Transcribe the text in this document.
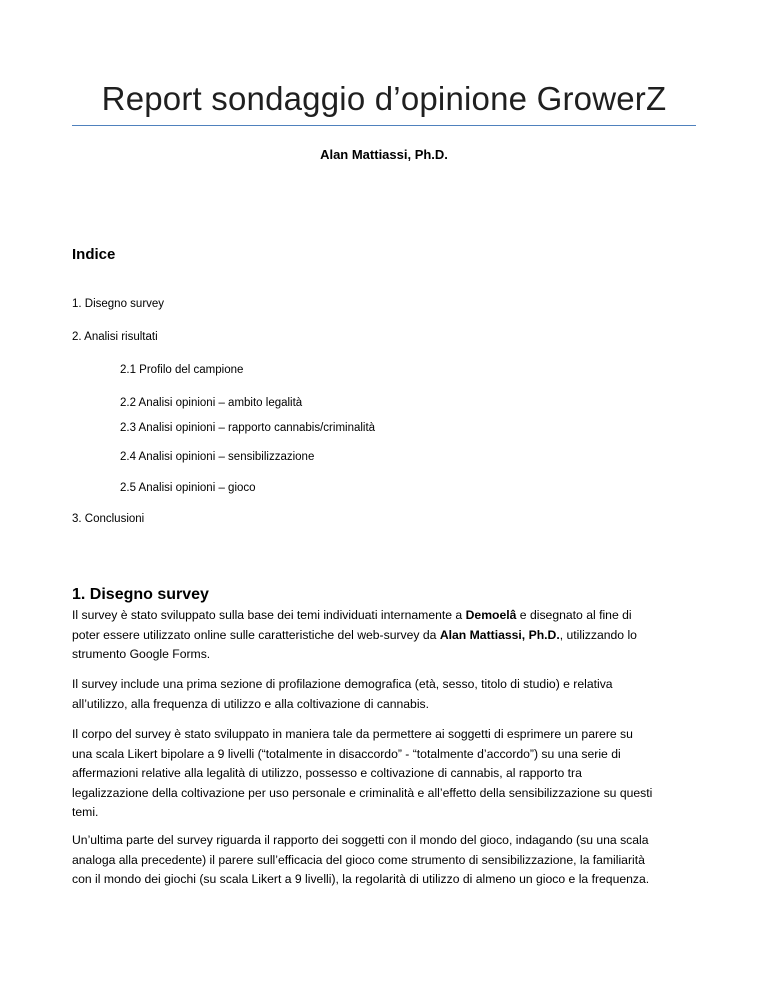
Report sondaggio d’opinione GrowerZ
Alan Mattiassi, Ph.D.
Indice
1. Disegno survey
2. Analisi risultati
2.1 Profilo del campione
2.2 Analisi opinioni – ambito legalità
2.3 Analisi opinioni – rapporto cannabis/criminalità
2.4 Analisi opinioni – sensibilizzazione
2.5 Analisi opinioni – gioco
3. Conclusioni
1. Disegno survey
Il survey è stato sviluppato sulla base dei temi individuati internamente a Demoelâ e disegnato al fine di
poter essere utilizzato online sulle caratteristiche del web-survey da Alan Mattiassi, Ph.D., utilizzando lo
strumento Google Forms.
Il survey include una prima sezione di profilazione demografica (età, sesso, titolo di studio) e relativa
all’utilizzo, alla frequenza di utilizzo e alla coltivazione di cannabis.
Il corpo del survey è stato sviluppato in maniera tale da permettere ai soggetti di esprimere un parere su
una scala Likert bipolare a 9 livelli (“totalmente in disaccordo” - “totalmente d’accordo”) su una serie di
affermazioni relative alla legalità di utilizzo, possesso e coltivazione di cannabis, al rapporto tra
legalizzazione della coltivazione per uso personale e criminalità e all’effetto della sensibilizzazione su questi
temi.
Un’ultima parte del survey riguarda il rapporto dei soggetti con il mondo del gioco, indagando (su una scala
analoga alla precedente) il parere sull’efficacia del gioco come strumento di sensibilizzazione, la familiarità
con il mondo dei giochi (su scala Likert a 9 livelli), la regolarità di utilizzo di almeno un gioco e la frequenza.
